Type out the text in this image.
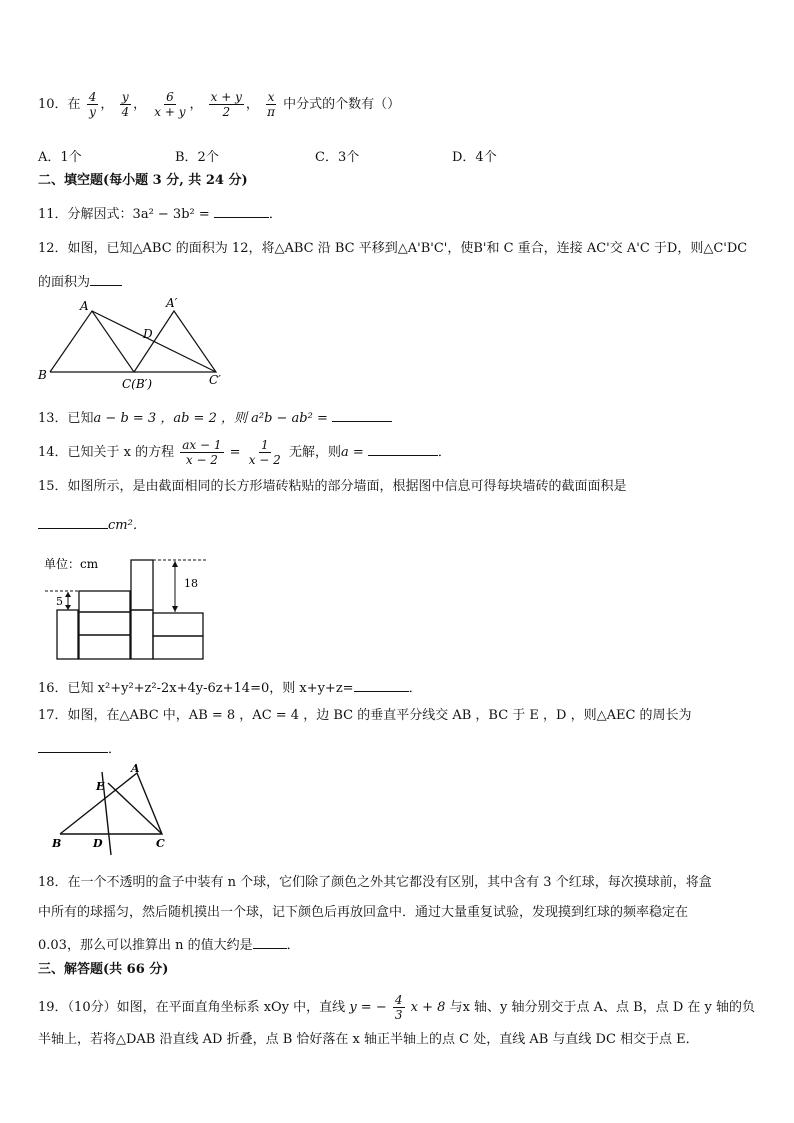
10．在 $\frac{4}{y}$ ， $\frac{y}{4}$ ， $\frac{6}{x + y}$ ， $\frac{x + y}{2}$ ， $\frac{x}{\pi}$ 中分式的个数有（）
A．1个	B．2个	C．3个	D．4个
二、填空题(每小题 3 分, 共 24 分)
11．分解因式：3a² − 3b² =	．
12．如图，已知△ABC 的面积为 12，将△ABC 沿 BC 平移到△A'B'C'，使B'和 C 重合，连接 AC'交 A'C 于D，则△C'DC
的面积为
A	A′
B
C(B′)	C′
D
13．已知a − b = 3 ，ab = 2 ，则 a²b − ab² =
14．已知关于 x 的方程 $\frac{ax - 1}{x - 2} = \frac{1}{x - 2}$ 无解，则a =	．
15．如图所示，是由截面相同的长方形墙砖粘贴的部分墙面，根据图中信息可得每块墙砖的截面面积是
cm²．
单位：cm
18
5
16．已知 x²+y²+z²-2x+4y-6z+14=0，则 x+y+z=	．
17．如图，在△ABC 中，AB = 8 ，AC = 4 ，边 BC 的垂直平分线交 AB ，BC 于 E ，D ，则△AEC 的周长为
．
A
B	C
D
E
18．在一个不透明的盒子中装有 n 个球，它们除了颜色之外其它都没有区别，其中含有 3 个红球，每次摸球前，将盒
中所有的球摇匀，然后随机摸出一个球，记下颜色后再放回盒中．通过大量重复试验，发现摸到红球的频率稳定在
0.03，那么可以推算出 n 的值大约是	．
三、解答题(共 66 分)
19．（10分）如图，在平面直角坐标系 xOy 中，直线 y = − $\frac{4}{3}$ x + 8 与x 轴、y 轴分别交于点 A、点 B，点 D 在 y 轴的负
半轴上，若将△DAB 沿直线 AD 折叠，点 B 恰好落在 x 轴正半轴上的点 C 处，直线 AB 与直线 DC 相交于点 E．
